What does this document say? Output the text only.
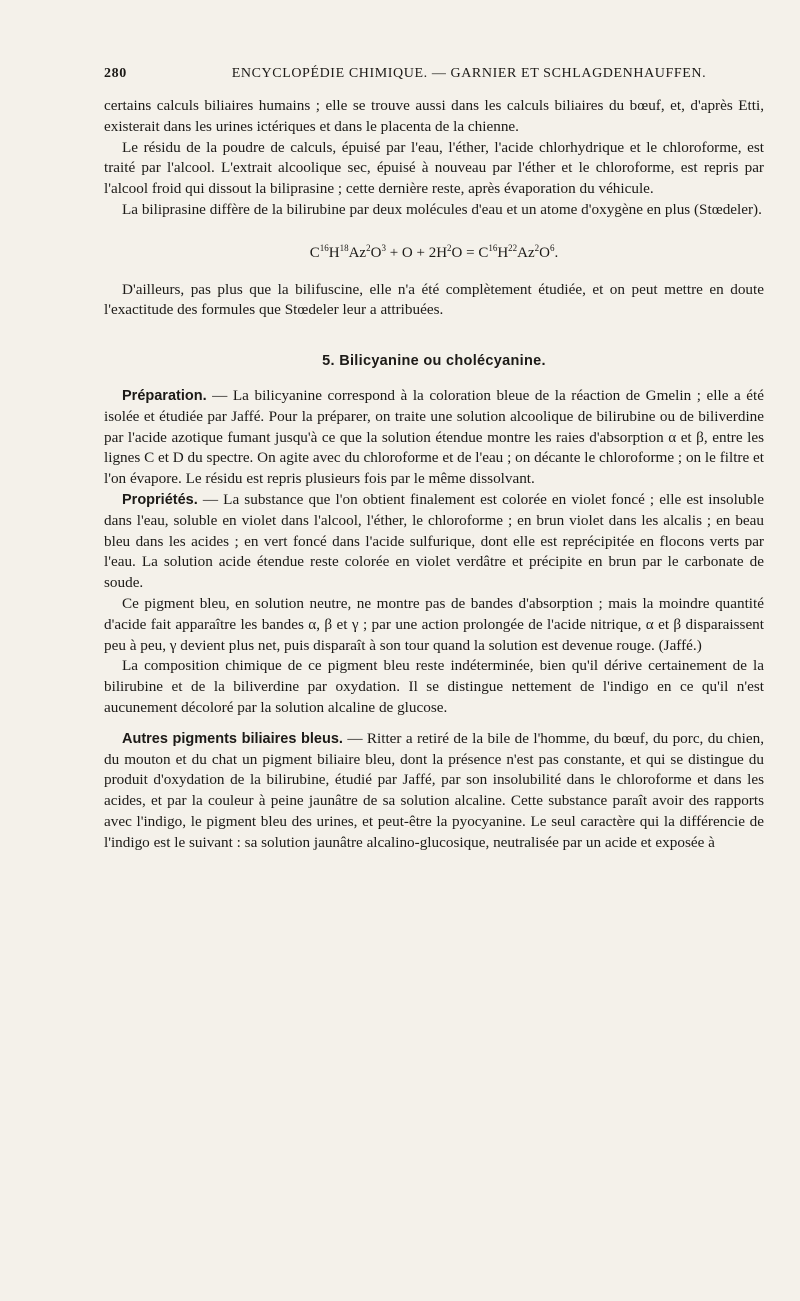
280	ENCYCLOPÉDIE CHIMIQUE. — GARNIER ET SCHLAGDENHAUFFEN.

certains calculs biliaires humains ; elle se trouve aussi dans les calculs biliaires du bœuf, et, d'après Etti, existerait dans les urines ictériques et dans le placenta de la chienne.

Le résidu de la poudre de calculs, épuisé par l'eau, l'éther, l'acide chlorhydrique et le chloroforme, est traité par l'alcool. L'extrait alcoolique sec, épuisé à nouveau par l'éther et le chloroforme, est repris par l'alcool froid qui dissout la biliprasine ; cette dernière reste, après évaporation du véhicule.

La biliprasine diffère de la bilirubine par deux molécules d'eau et un atome d'oxygène en plus (Stœdeler).

$C^{16}H^{18}Az^2O^3 + O + 2H^2O = C^{16}H^{22}Az^2O^6$.

D'ailleurs, pas plus que la bilifuscine, elle n'a été complètement étudiée, et on peut mettre en doute l'exactitude des formules que Stœdeler leur a attribuées.

5. Bilicyanine ou cholécyanine.

Préparation. — La bilicyanine correspond à la coloration bleue de la réaction de Gmelin ; elle a été isolée et étudiée par Jaffé. Pour la préparer, on traite une solution alcoolique de bilirubine ou de biliverdine par l'acide azotique fumant jusqu'à ce que la solution étendue montre les raies d'absorption α et β, entre les lignes C et D du spectre. On agite avec du chloroforme et de l'eau ; on décante le chloroforme ; on le filtre et l'on évapore. Le résidu est repris plusieurs fois par le même dissolvant.

Propriétés. — La substance que l'on obtient finalement est colorée en violet foncé ; elle est insoluble dans l'eau, soluble en violet dans l'alcool, l'éther, le chloroforme ; en brun violet dans les alcalis ; en beau bleu dans les acides ; en vert foncé dans l'acide sulfurique, dont elle est reprécipitée en flocons verts par l'eau. La solution acide étendue reste colorée en violet verdâtre et précipite en brun par le carbonate de soude.

Ce pigment bleu, en solution neutre, ne montre pas de bandes d'absorption ; mais la moindre quantité d'acide fait apparaître les bandes α, β et γ ; par une action prolongée de l'acide nitrique, α et β disparaissent peu à peu, γ devient plus net, puis disparaît à son tour quand la solution est devenue rouge. (Jaffé.)

La composition chimique de ce pigment bleu reste indéterminée, bien qu'il dérive certainement de la bilirubine et de la biliverdine par oxydation. Il se distingue nettement de l'indigo en ce qu'il n'est aucunement décoloré par la solution alcaline de glucose.

Autres pigments biliaires bleus. — Ritter a retiré de la bile de l'homme, du bœuf, du porc, du chien, du mouton et du chat un pigment biliaire bleu, dont la présence n'est pas constante, et qui se distingue du produit d'oxydation de la bilirubine, étudié par Jaffé, par son insolubilité dans le chloroforme et dans les acides, et par la couleur à peine jaunâtre de sa solution alcaline. Cette substance paraît avoir des rapports avec l'indigo, le pigment bleu des urines, et peut-être la pyocyanine. Le seul caractère qui la différencie de l'indigo est le suivant : sa solution jaunâtre alcalino-glucosique, neutralisée par un acide et exposée à
